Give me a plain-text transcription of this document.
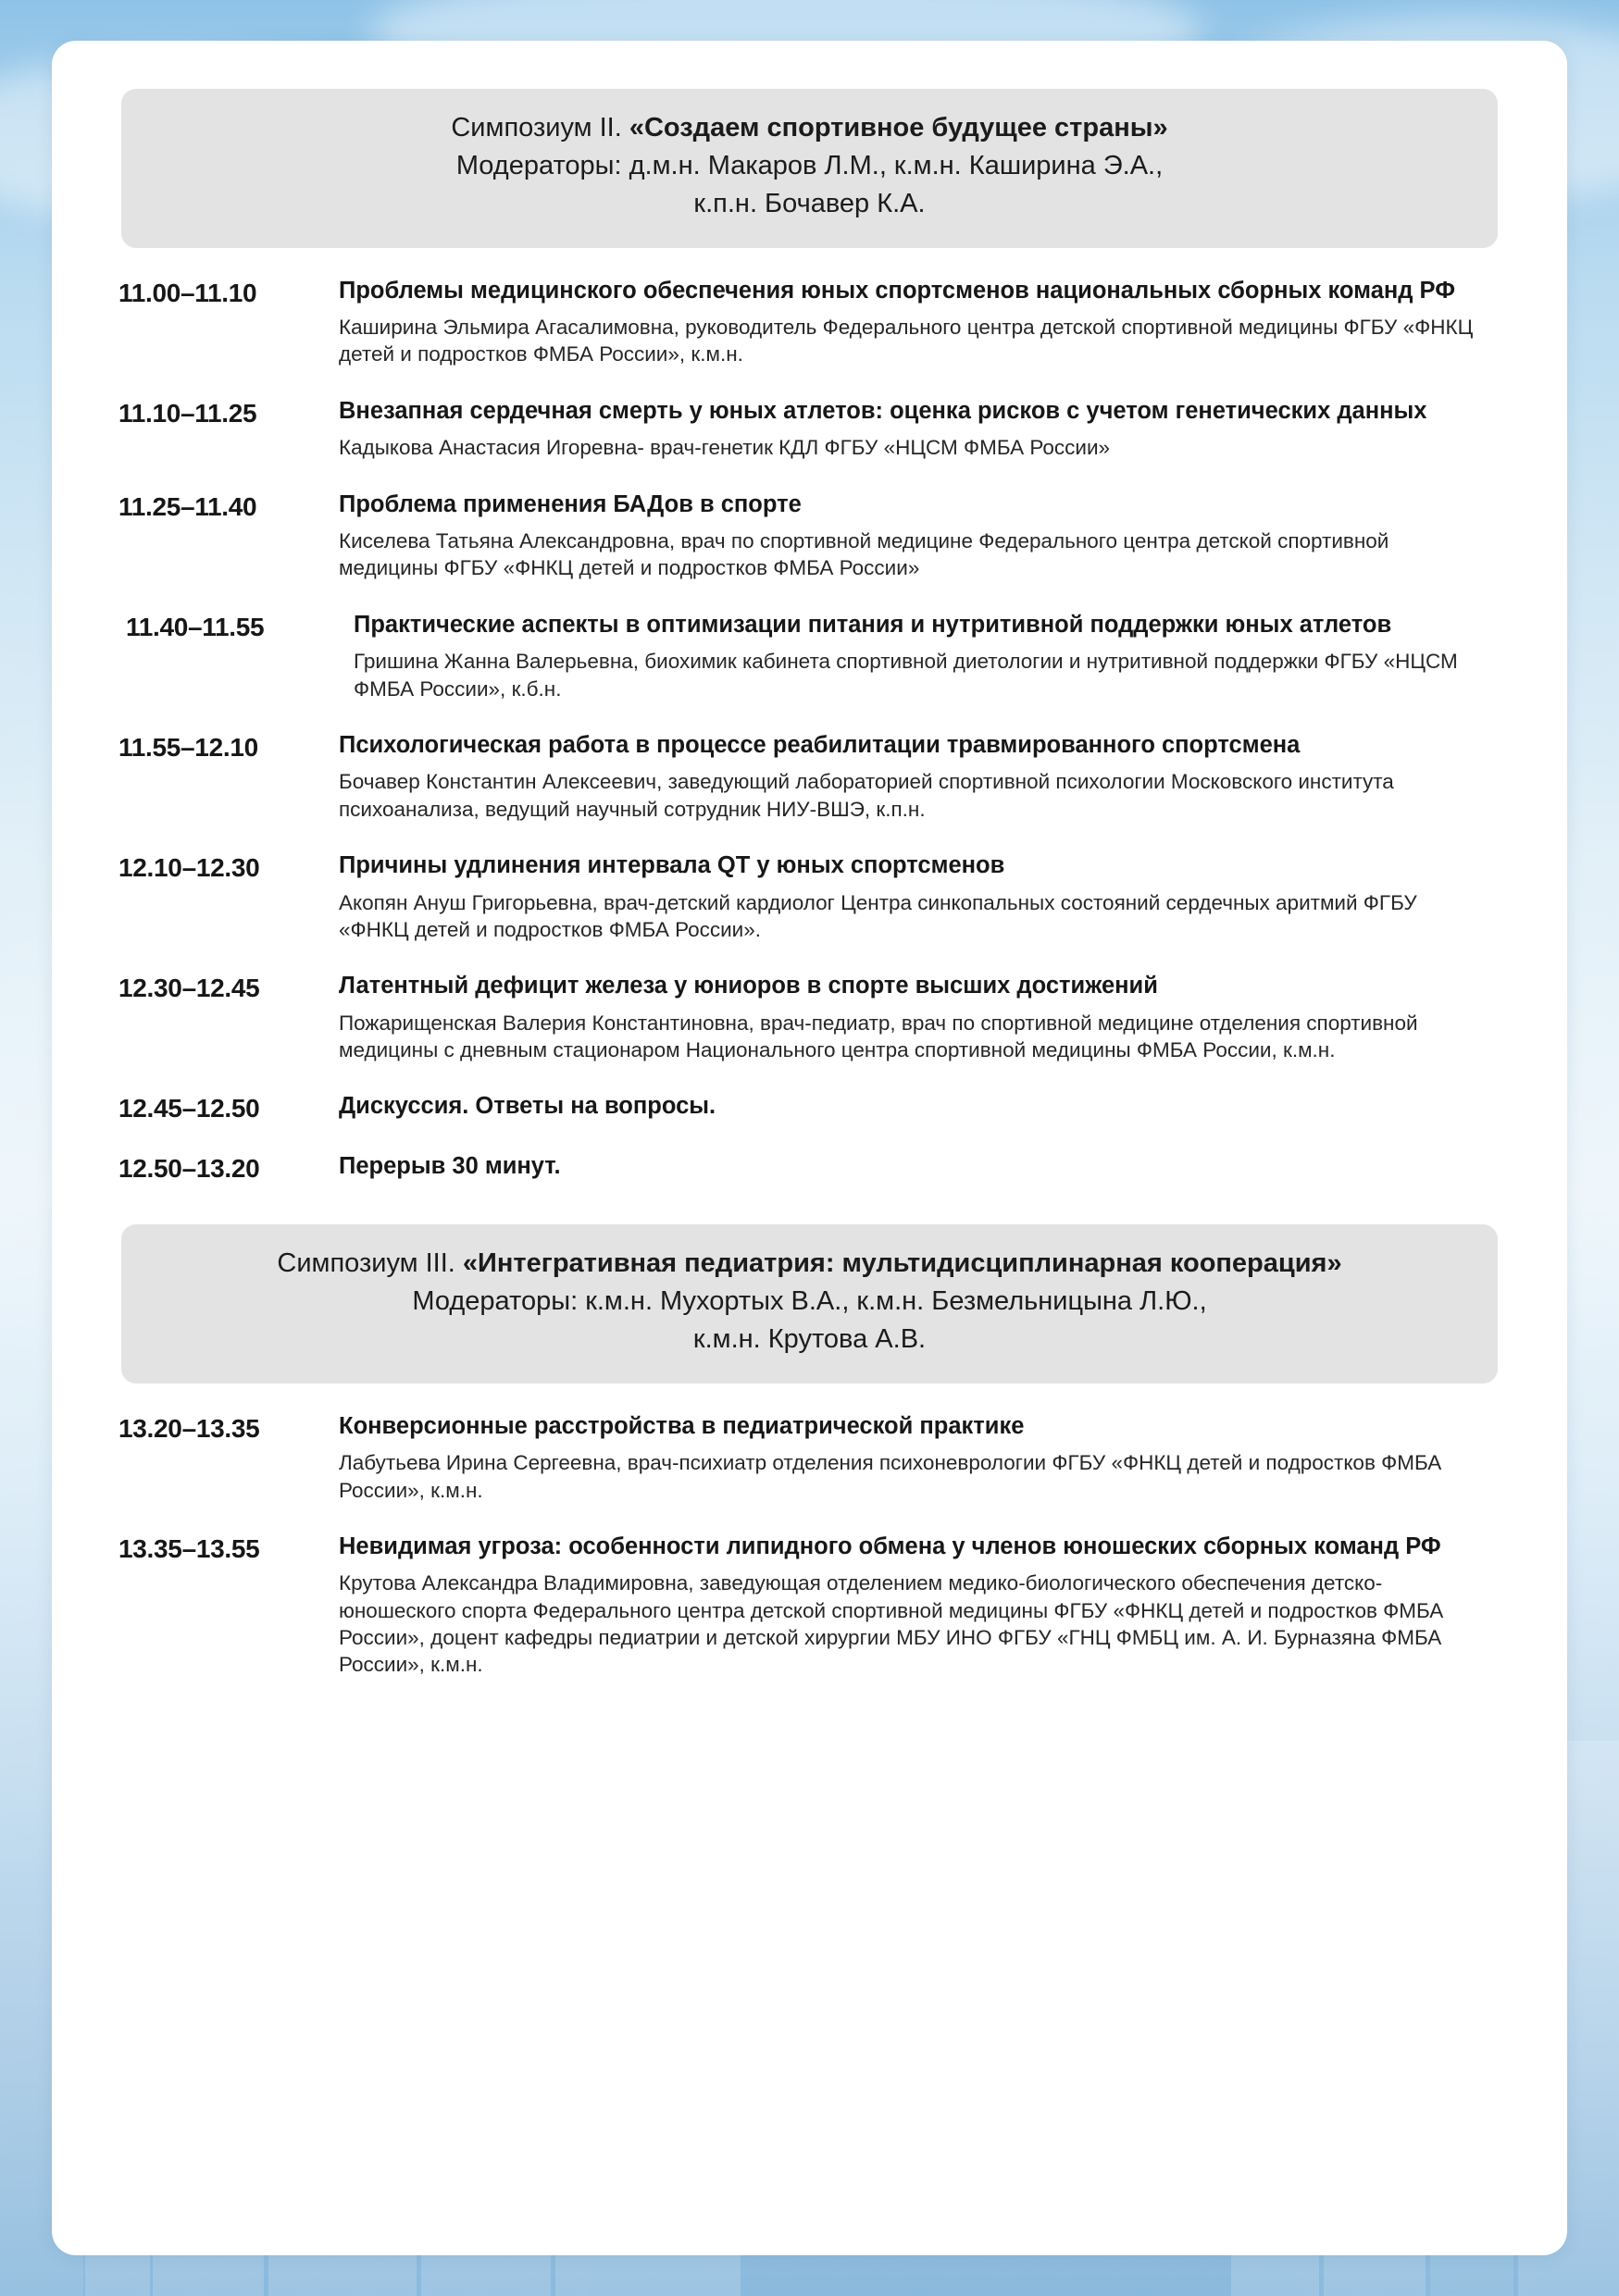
Симпозиум II. «Создаем спортивное будущее страны»
Модераторы: д.м.н. Макаров Л.М., к.м.н. Каширина Э.А.,
к.п.н. Бочавер К.А.
11.00–11.10	Проблемы медицинского обеспечения юных спортсменов национальных сборных команд РФ
Каширина Эльмира Агасалимовна, руководитель Федерального центра детской спортивной медицины ФГБУ «ФНКЦ детей и подростков ФМБА России», к.м.н.
11.10–11.25	Внезапная сердечная смерть у юных атлетов: оценка рисков с учетом генетических данных
Кадыкова Анастасия Игоревна- врач-генетик КДЛ ФГБУ «НЦСМ ФМБА России»
11.25–11.40	Проблема применения БАДов в спорте
Киселева Татьяна Александровна, врач по спортивной медицине Федерального центра детской спортивной медицины ФГБУ «ФНКЦ детей и подростков ФМБА России»
11.40–11.55	Практические аспекты в оптимизации питания и нутритивной поддержки юных атлетов
Гришина Жанна Валерьевна, биохимик кабинета спортивной диетологии и нутритивной поддержки ФГБУ «НЦСМ ФМБА России», к.б.н.
11.55–12.10	Психологическая работа в процессе реабилитации травмированного спортсмена
Бочавер Константин Алексеевич, заведующий лабораторией спортивной психологии Московского института психоанализа, ведущий научный сотрудник НИУ-ВШЭ, к.п.н.
12.10–12.30	Причины удлинения интервала QT у юных спортсменов
Акопян Ануш Григорьевна, врач-детский кардиолог Центра синкопальных состояний сердечных аритмий ФГБУ «ФНКЦ детей и подростков ФМБА России».
12.30–12.45	Латентный дефицит железа у юниоров в спорте высших достижений
Пожарищенская Валерия Константиновна, врач-педиатр, врач по спортивной медицине отделения спортивной медицины с дневным стационаром Национального центра спортивной медицины ФМБА России, к.м.н.
12.45–12.50	Дискуссия. Ответы на вопросы.
12.50–13.20	Перерыв 30 минут.
Симпозиум III. «Интегративная педиатрия: мультидисциплинарная кооперация»
Модераторы: к.м.н. Мухортых В.А., к.м.н. Безмельницына Л.Ю.,
к.м.н. Крутова А.В.
13.20–13.35	Конверсионные расстройства в педиатрической практике
Лабутьева Ирина Сергеевна, врач-психиатр отделения психоневрологии ФГБУ «ФНКЦ детей и подростков ФМБА России», к.м.н.
13.35–13.55	Невидимая угроза: особенности липидного обмена у членов юношеских сборных команд РФ
Крутова Александра Владимировна, заведующая отделением медико-биологического обеспечения детско-юношеского спорта Федерального центра детской спортивной медицины ФГБУ «ФНКЦ детей и подростков ФМБА России», доцент кафедры педиатрии и детской хирургии МБУ ИНО ФГБУ «ГНЦ ФМБЦ им. А. И. Бурназяна ФМБА России», к.м.н.
